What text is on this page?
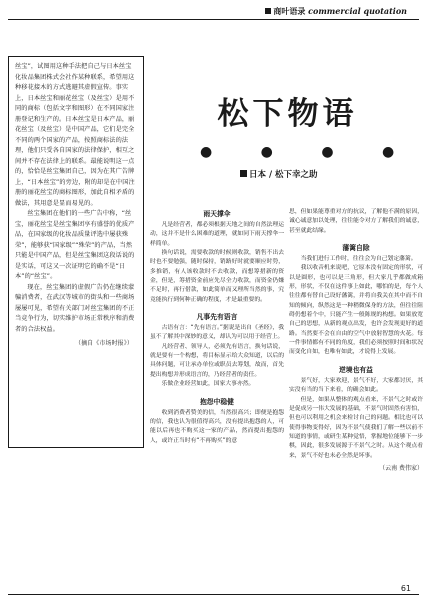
商叶语录 commercial quotation

丝宝”，试图用这种手法把自己与日本丝宝化妆品集团株式会社作某种联系，希望用这种移花接木的方式逃避其虚假宣传。事实上，日本丝宝和丽花丝宝（及丝宝）是用不同的商标（包括文字和图形）在不同国家注册登记和生产的。日本丝宝是日本产品，丽花丝宝（及丝宝）是中国产品，它们是完全不同的两个国家的产品，按照商标法的法理，他们只受各自国家的法律保护，相互之间并不存在法律上的联系。最能说明这一点的，恰恰是丝宝集团自己，因为在其广告牌上，“日本丝宝”的旁边，附的却是在中国注册的丽花丝宝的商标图形，加此自相矛盾的做法，其用意是显而易见的。

丝宝集团在他们的一些广告中称，“丝宝，丽花丝宝是丝宝集团享有盛誉的优质产品，在国家级的化妆品质量评选中屡获殊荣”，能够获“国家级”“殊荣”的产品，当然只能是中国产品，但是丝宝集团这段话说的是实话，可这又一次证明它的确不是“日本”的“丝宝”。

现在，丝宝集团的虚假广告仍在继续蒙骗消费者，在武汉等城市的街头和一些商场屡屡可见，希望有关部门对丝宝集团的不正当竞争行为，切实维护市场正常秩序和消费者的合法权益。

（摘自《市场时报》）

松下物语
● ● ● ●
日本 / 松下幸之助
雨天撑伞

凡是经营者，都必须根据天地之间的自然法理运动，这并不是什么困难的道理，就如同下雨天撑伞一样简单。

换句话说，需要收款的时候则收款，销售不出去时也不要勉强，随时保持，销路好时就要顺应时势，多推销，有人该收款时不去收款，而想筹措新的资金，但是，筹措资金前应先尽全力收款，而资金仍嫌不足时，再行借款，如此简单而又理所当然的事，究竟能执行到何种正确的程度，才是最重要的。

凡事先有语言

古语有言：“先有语言。”据说是出自《圣经》，我虽不了解其中深妙的意义，却认为可以用于经营上。

凡经营者、领导人，必须先有语言，换句话说，就是要有一个构想，将目标显示给大众知道，以后的具体问题，可让承办单位或职员去筹划，故而，首先提出构想并形成语言的，乃经营者的责任。

乐做企业经营如此，国家大事亦然。

抱怨中稳健

收到消费者赞美的信，当然很高兴；即便是抱怨的信，我也认为很值得高兴，没有提出抱怨的人，可能以后再也不购买这一家的产品，然而提出抱怨的人，或许正当时有“不再购买”的意

思，但如果能尊重对方的抗议，了解他不满的原因，诚心诚意加以处理，往往能令对方了解我们的诚意，甚至就此结缘。

藩篱自除

当我们进行工作时，往往会为自己划定藩篱。

我以收音机来说吧，它原本没有固定的形状，可以是圆形，也可以是三角形，但大家几乎都做成箱形，形状，不仅在这件事上如此，哪怕的是，每个人往往都有替自己设好藩篱，并将自我关在其中而不自知的倾向，纵然这是一种稍微保身的方法，但往往阻碍仍想着个中，只能产生一般陈规的构想。如果放宽自己的思想，从新的观点出发，也许会发现更好的道路。当然要不会在自由的空气中放射智慧的火花。每一件事情都有不同的角度，我们必须按照时间和状况而变化自如，也唯有如此，才说得上发展。

逆境也有益

景气好，大家欢迎，景气不好，大家都讨厌，其实没有当的当下来看，的确会如此。

但是，如果从整体的观点看来，不景气之时或许是促成另一伟大发展的基础，不景气时固然有害怕，但也可以利用之机会来检讨自己的问题。相比也可以使得事物变得好，因为不景气使我们了解一些以前不知道的事情，或研生某种觉悟，掌握地位能够下一步棋，因此，很多发展源于不景气之时。从这个观点看来，景气不好也未必全然是坏事。

（云南 费伟家）
61
